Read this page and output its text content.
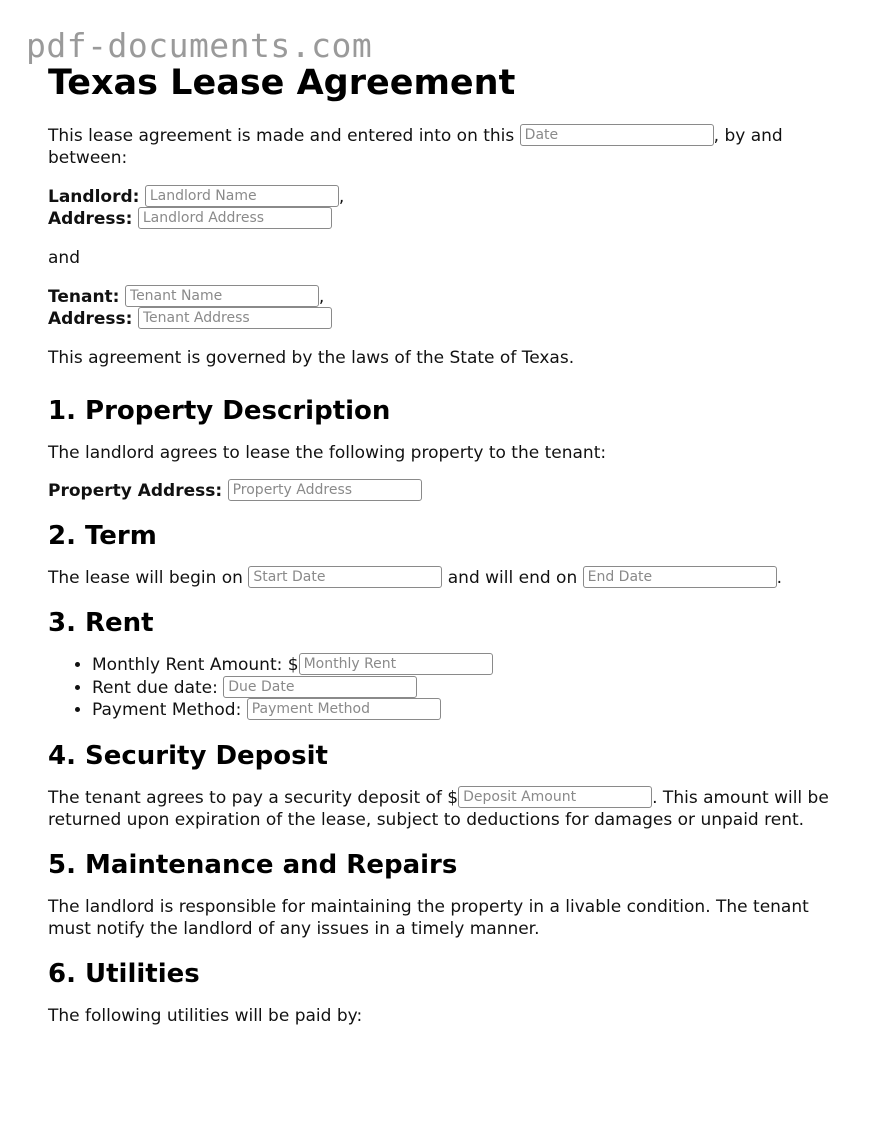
pdf-documents.com
Texas Lease Agreement

This lease agreement is made and entered into on this Date	, by and between:

Landlord: Landlord Name	,
Address: Landlord Address

and

Tenant: Tenant Name	,
Address: Tenant Address

This agreement is governed by the laws of the State of Texas.

1. Property Description

The landlord agrees to lease the following property to the tenant:

Property Address: Property Address

2. Term

The lease will begin on Start Date	and will end on End Date	.

3. Rent
• Monthly Rent Amount: $Monthly Rent
• Rent due date: Due Date
• Payment Method: Payment Method
4. Security Deposit

The tenant agrees to pay a security deposit of $Deposit Amount	. This amount will be returned upon expiration of the lease, subject to deductions for damages or unpaid rent.

5. Maintenance and Repairs

The landlord is responsible for maintaining the property in a livable condition. The tenant must notify the landlord of any issues in a timely manner.

6. Utilities

The following utilities will be paid by:
